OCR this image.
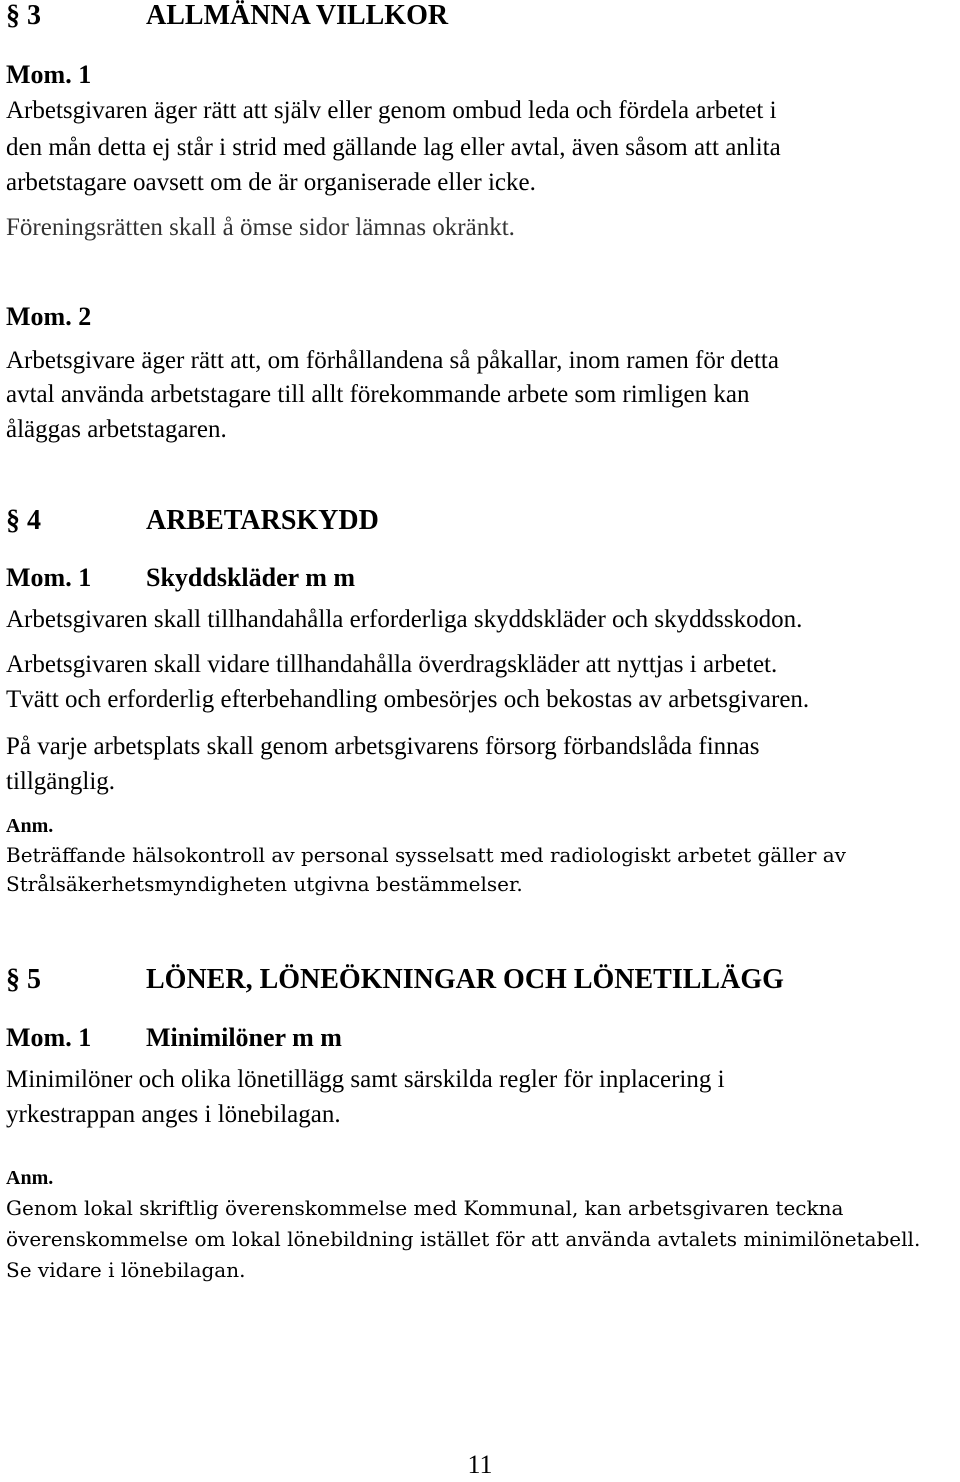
§ 3	ALLMÄNNA VILLKOR
Mom. 1
Arbetsgivaren äger rätt att själv eller genom ombud leda och fördela arbetet i
den mån detta ej står i strid med gällande lag eller avtal, även såsom att anlita
arbetstagare oavsett om de är organiserade eller icke.
Föreningsrätten skall å ömse sidor lämnas okränkt.
Mom. 2
Arbetsgivare äger rätt att, om förhållandena så påkallar, inom ramen för detta
avtal använda arbetstagare till allt förekommande arbete som rimligen kan
åläggas arbetstagaren.
§ 4	ARBETARSKYDD
Mom. 1 Skyddskläder m m
Arbetsgivaren skall tillhandahålla erforderliga skyddskläder och skyddsskodon.
Arbetsgivaren skall vidare tillhandahålla överdragskläder att nyttjas i arbetet.
Tvätt och erforderlig efterbehandling ombesörjes och bekostas av arbetsgivaren.
På varje arbetsplats skall genom arbetsgivarens försorg förbandslåda finnas
tillgänglig.
Anm.
Beträffande hälsokontroll av personal sysselsatt med radiologiskt arbetet gäller av
Strålsäkerhetsmyndigheten utgivna bestämmelser.
§ 5	LÖNER, LÖNEÖKNINGAR OCH LÖNETILLÄGG
Mom. 1 Minimilöner m m
Minimilöner och olika lönetillägg samt särskilda regler för inplacering i
yrkestrappan anges i lönebilagan.
Anm.
Genom lokal skriftlig överenskommelse med Kommunal, kan arbetsgivaren teckna
överenskommelse om lokal lönebildning istället för att använda avtalets minimilönetabell.
Se vidare i lönebilagan.
11
